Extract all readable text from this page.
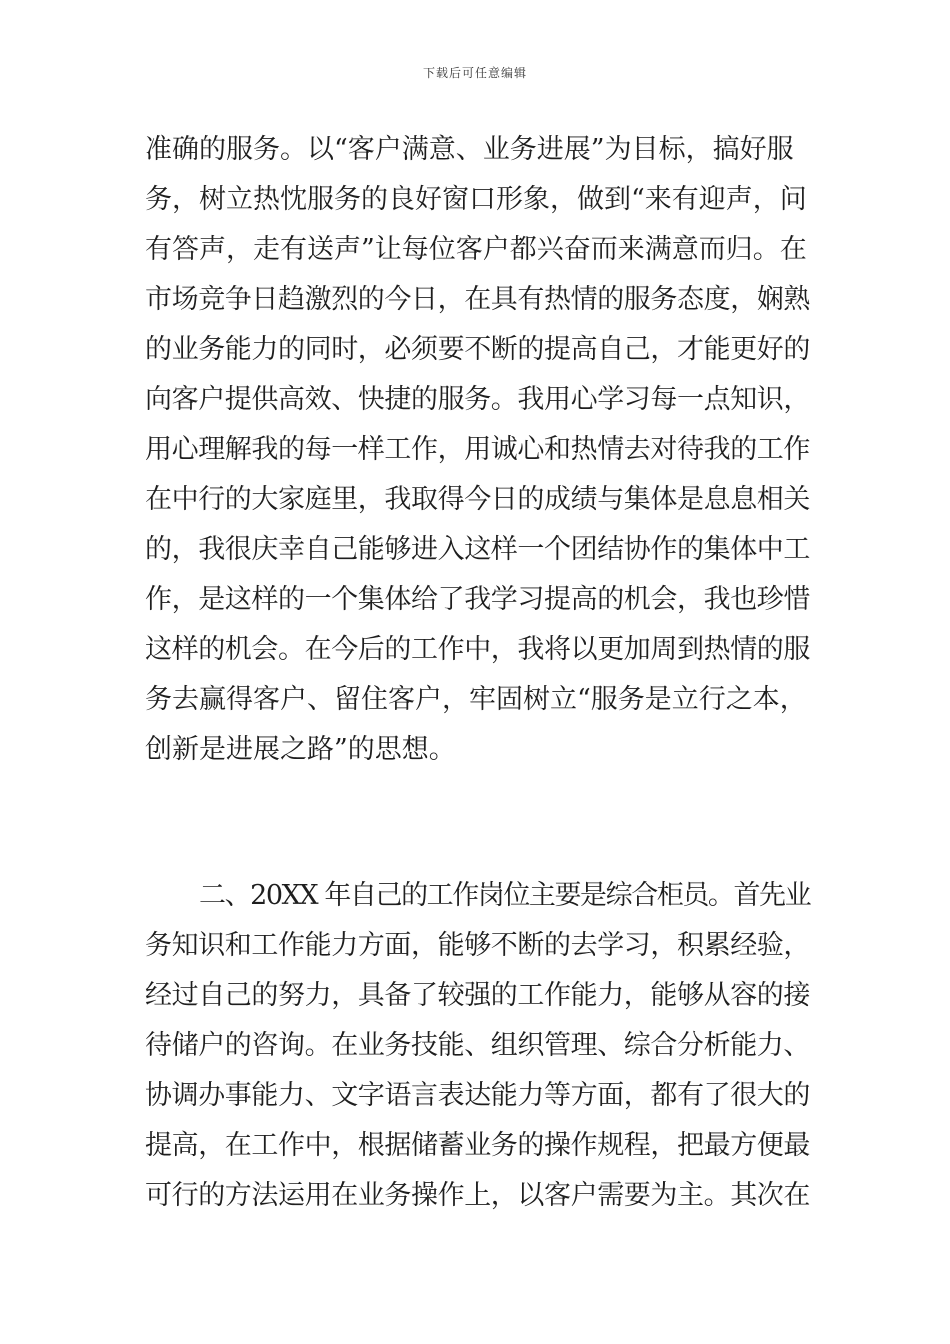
下载后可任意编辑
准确的服务。以“客户满意、业务进展”为目标，搞好服
务，树立热忱服务的良好窗口形象，做到“来有迎声，问
有答声，走有送声”让每位客户都兴奋而来满意而归。在
市场竞争日趋激烈的今日，在具有热情的服务态度，娴熟
的业务能力的同时，必须要不断的提高自己，才能更好的
向客户提供高效、快捷的服务。我用心学习每一点知识，
用心理解我的每一样工作，用诚心和热情去对待我的工作
在中行的大家庭里，我取得今日的成绩与集体是息息相关
的，我很庆幸自己能够进入这样一个团结协作的集体中工
作，是这样的一个集体给了我学习提高的机会，我也珍惜
这样的机会。在今后的工作中，我将以更加周到热情的服
务去赢得客户、留住客户，牢固树立“服务是立行之本，
创新是进展之路”的思想。
二、20XX 年自己的工作岗位主要是综合柜员。首先业
务知识和工作能力方面，能够不断的去学习，积累经验，
经过自己的努力，具备了较强的工作能力，能够从容的接
待储户的咨询。在业务技能、组织管理、综合分析能力、
协调办事能力、文字语言表达能力等方面，都有了很大的
提高，在工作中，根据储蓄业务的操作规程，把最方便最
可行的方法运用在业务操作上，以客户需要为主。其次在
